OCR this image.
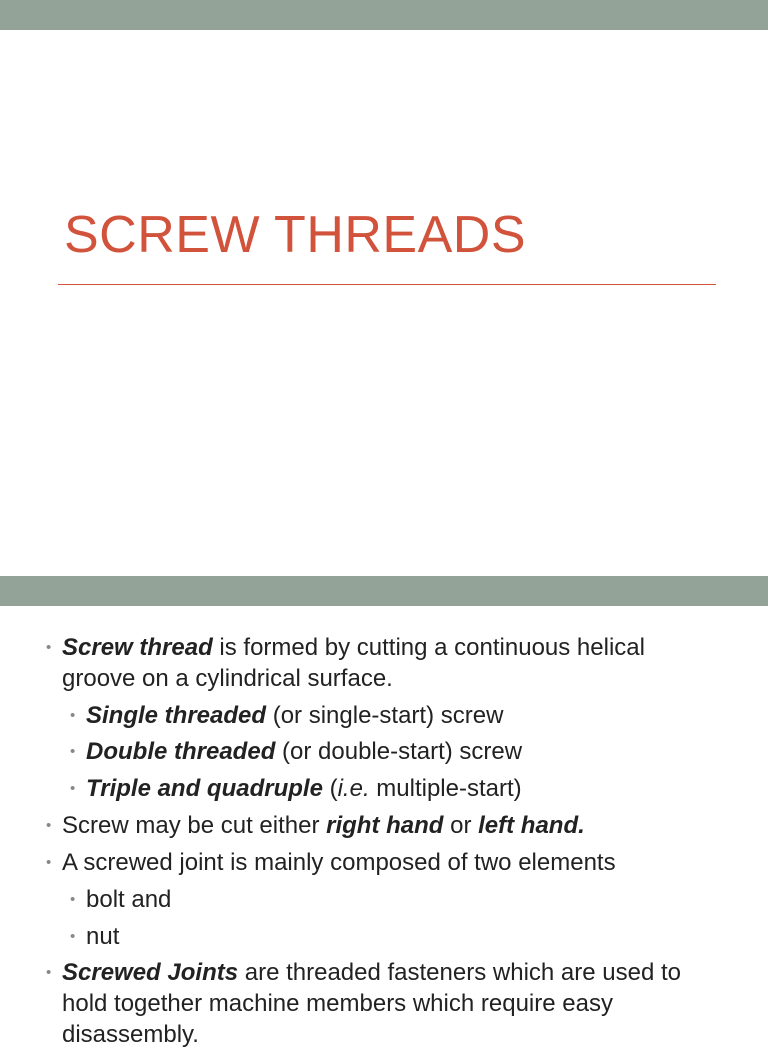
SCREW THREADS
• Screw thread is formed by cutting a continuous helical groove on a cylindrical surface.
• Single threaded (or single-start) screw
• Double threaded (or double-start) screw
• Triple and quadruple (i.e. multiple-start)
• Screw may be cut either right hand or left hand.
• A screwed joint is mainly composed of two elements
• bolt and
• nut
• Screwed Joints are threaded fasteners which are used to hold together machine members which require easy disassembly.
